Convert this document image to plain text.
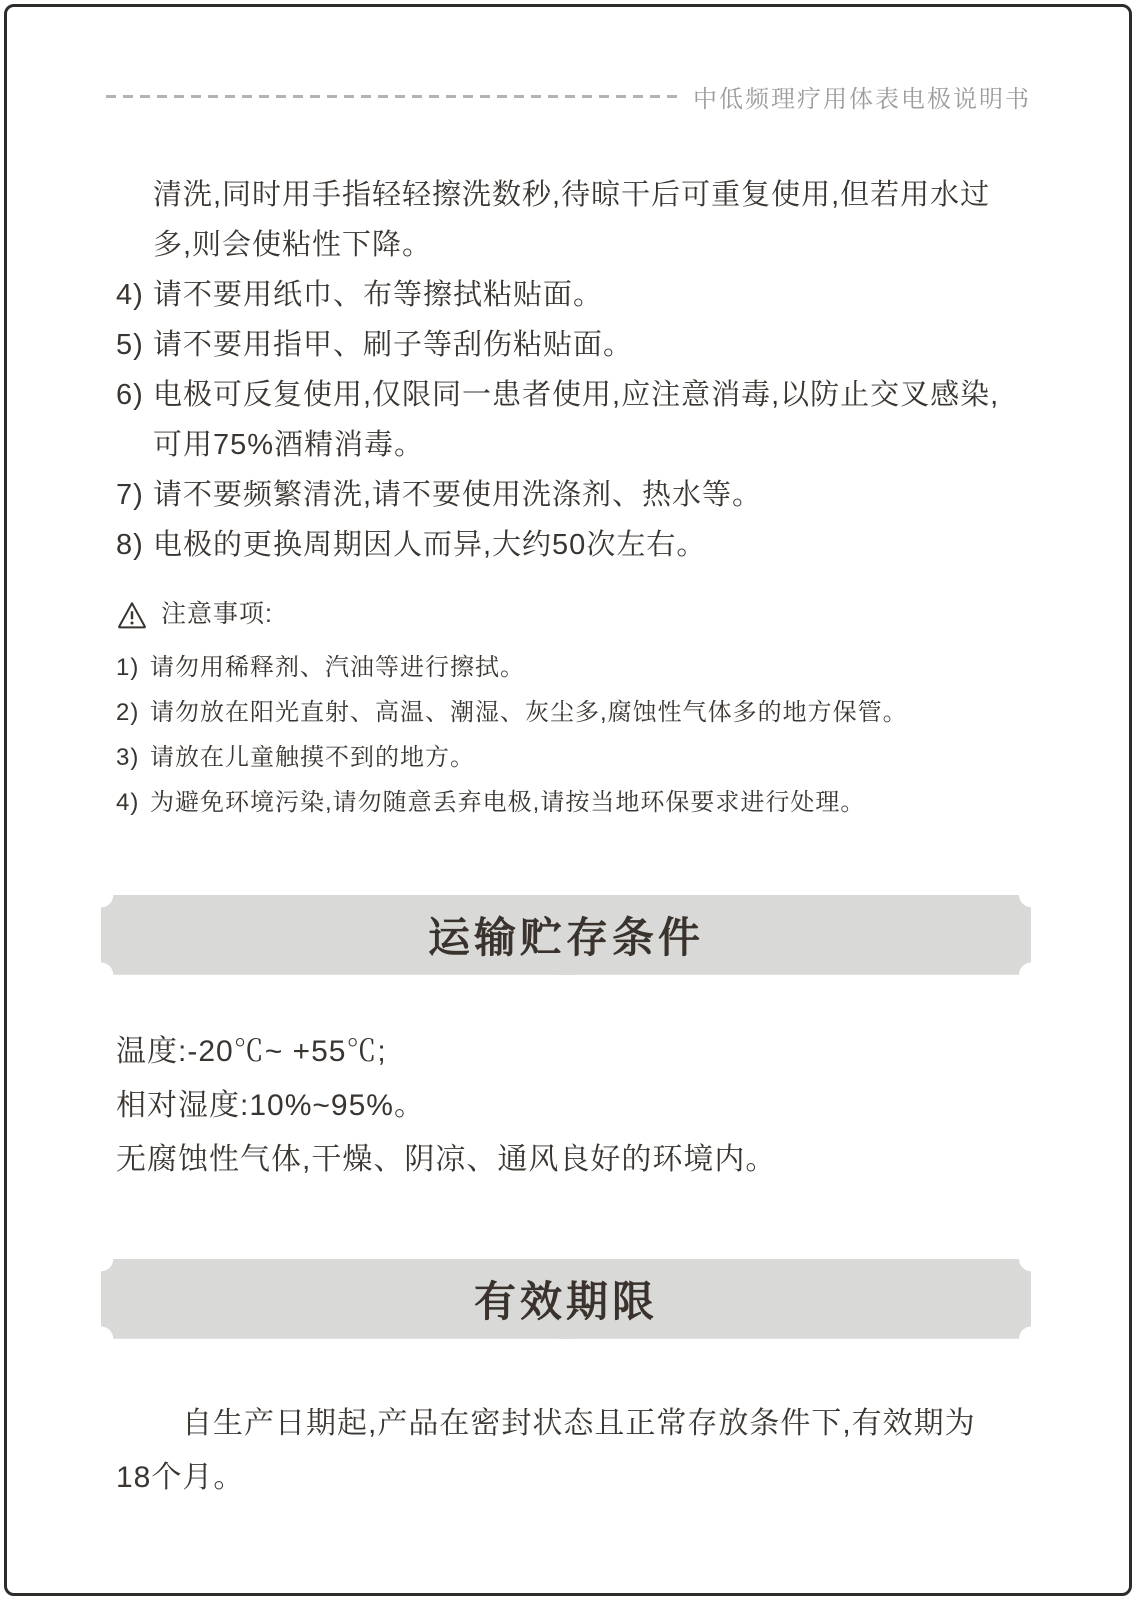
中低频理疗用体表电极说明书

清洗,同时用手指轻轻擦洗数秒,待晾干后可重复使用,但若用水过多,则会使粘性下降。

4) 请不要用纸巾、布等擦拭粘贴面。
5) 请不要用指甲、刷子等刮伤粘贴面。
6) 电极可反复使用,仅限同一患者使用,应注意消毒,以防止交叉感染,可用75%酒精消毒。
7) 请不要频繁清洗,请不要使用洗涤剂、热水等。
8) 电极的更换周期因人而异,大约50次左右。
注意事项:
1) 请勿用稀释剂、汽油等进行擦拭。
2) 请勿放在阳光直射、高温、潮湿、灰尘多,腐蚀性气体多的地方保管。
3) 请放在儿童触摸不到的地方。
4) 为避免环境污染,请勿随意丢弃电极,请按当地环保要求进行处理。
运输贮存条件

温度:-20℃~ +55℃;

相对湿度:10%~95%。

无腐蚀性气体,干燥、阴凉、通风良好的环境内。

有效期限

自生产日期起,产品在密封状态且正常存放条件下,有效期为18个月。
